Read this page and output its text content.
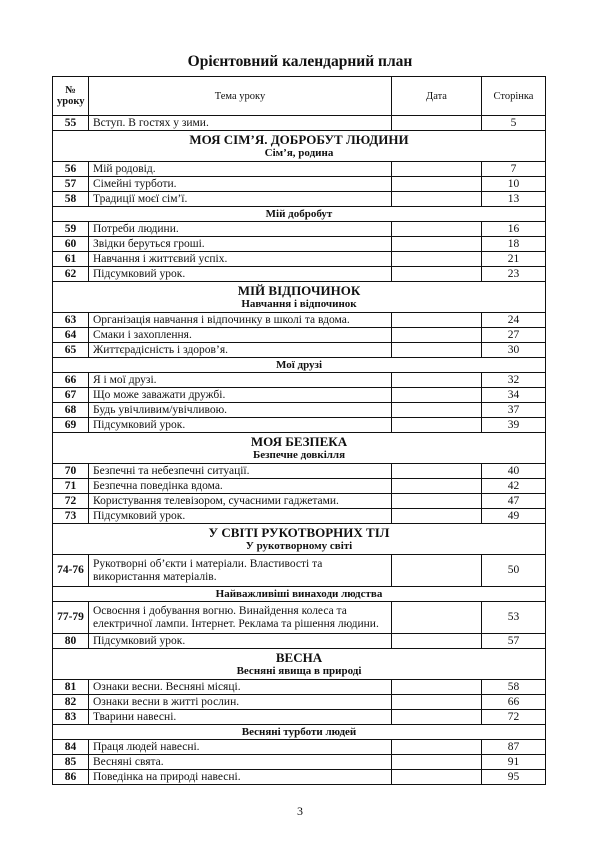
Орієнтовний календарний план
№
уроку	Тема уроку	Дата	Сторінка
55	Вступ. В гостях у зими.		5
МОЯ СІМ’Я. ДОБРОБУТ ЛЮДИНИ
Сім’я, родина			

56	Мій родовід.		7
57	Сімейні турботи.		10
58	Традиції моєї сім’ї.		13
Мій добробут			
59	Потреби людини.		16
60	Звідки беруться гроші.		18
61	Навчання і життєвий успіх.		21
62	Підсумковий урок.		23
МІЙ ВІДПОЧИНОК
Навчання і відпочинок			

63	Організація навчання і відпочинку в школі та вдома.		24
64	Смаки і захоплення.		27
65	Життєрадісність і здоров’я.		30
Мої друзі			
66	Я і мої друзі.		32
67	Що може заважати дружбі.		34
68	Будь увічливим/увічливою.		37
69	Підсумковий урок.		39
МОЯ БЕЗПЕКА
Безпечне довкілля			

70	Безпечні та небезпечні ситуації.		40
71	Безпечна поведінка вдома.		42
72	Користування телевізором, сучасними гаджетами.		47
73	Підсумковий урок.		49
У СВІТІ РУКОТВОРНИХ ТІЛ
У рукотворному світі			

74-76	Рукотворні об’єкти і матеріали. Властивості та використання матеріалів.		50
Найважливіші винаходи людства			
77-79	Освоєння і добування вогню. Винайдення колеса та електричної лампи. Інтернет. Реклама та рішення людини.		53
80	Підсумковий урок.		57
ВЕСНА
Весняні явища в природі			

81	Ознаки весни. Весняні місяці.		58
82	Ознаки весни в житті рослин.		66
83	Тварини навесні.		72
Весняні турботи людей			
84	Праця людей навесні.		87
85	Весняні свята.		91
86	Поведінка на природі навесні.		95
3
